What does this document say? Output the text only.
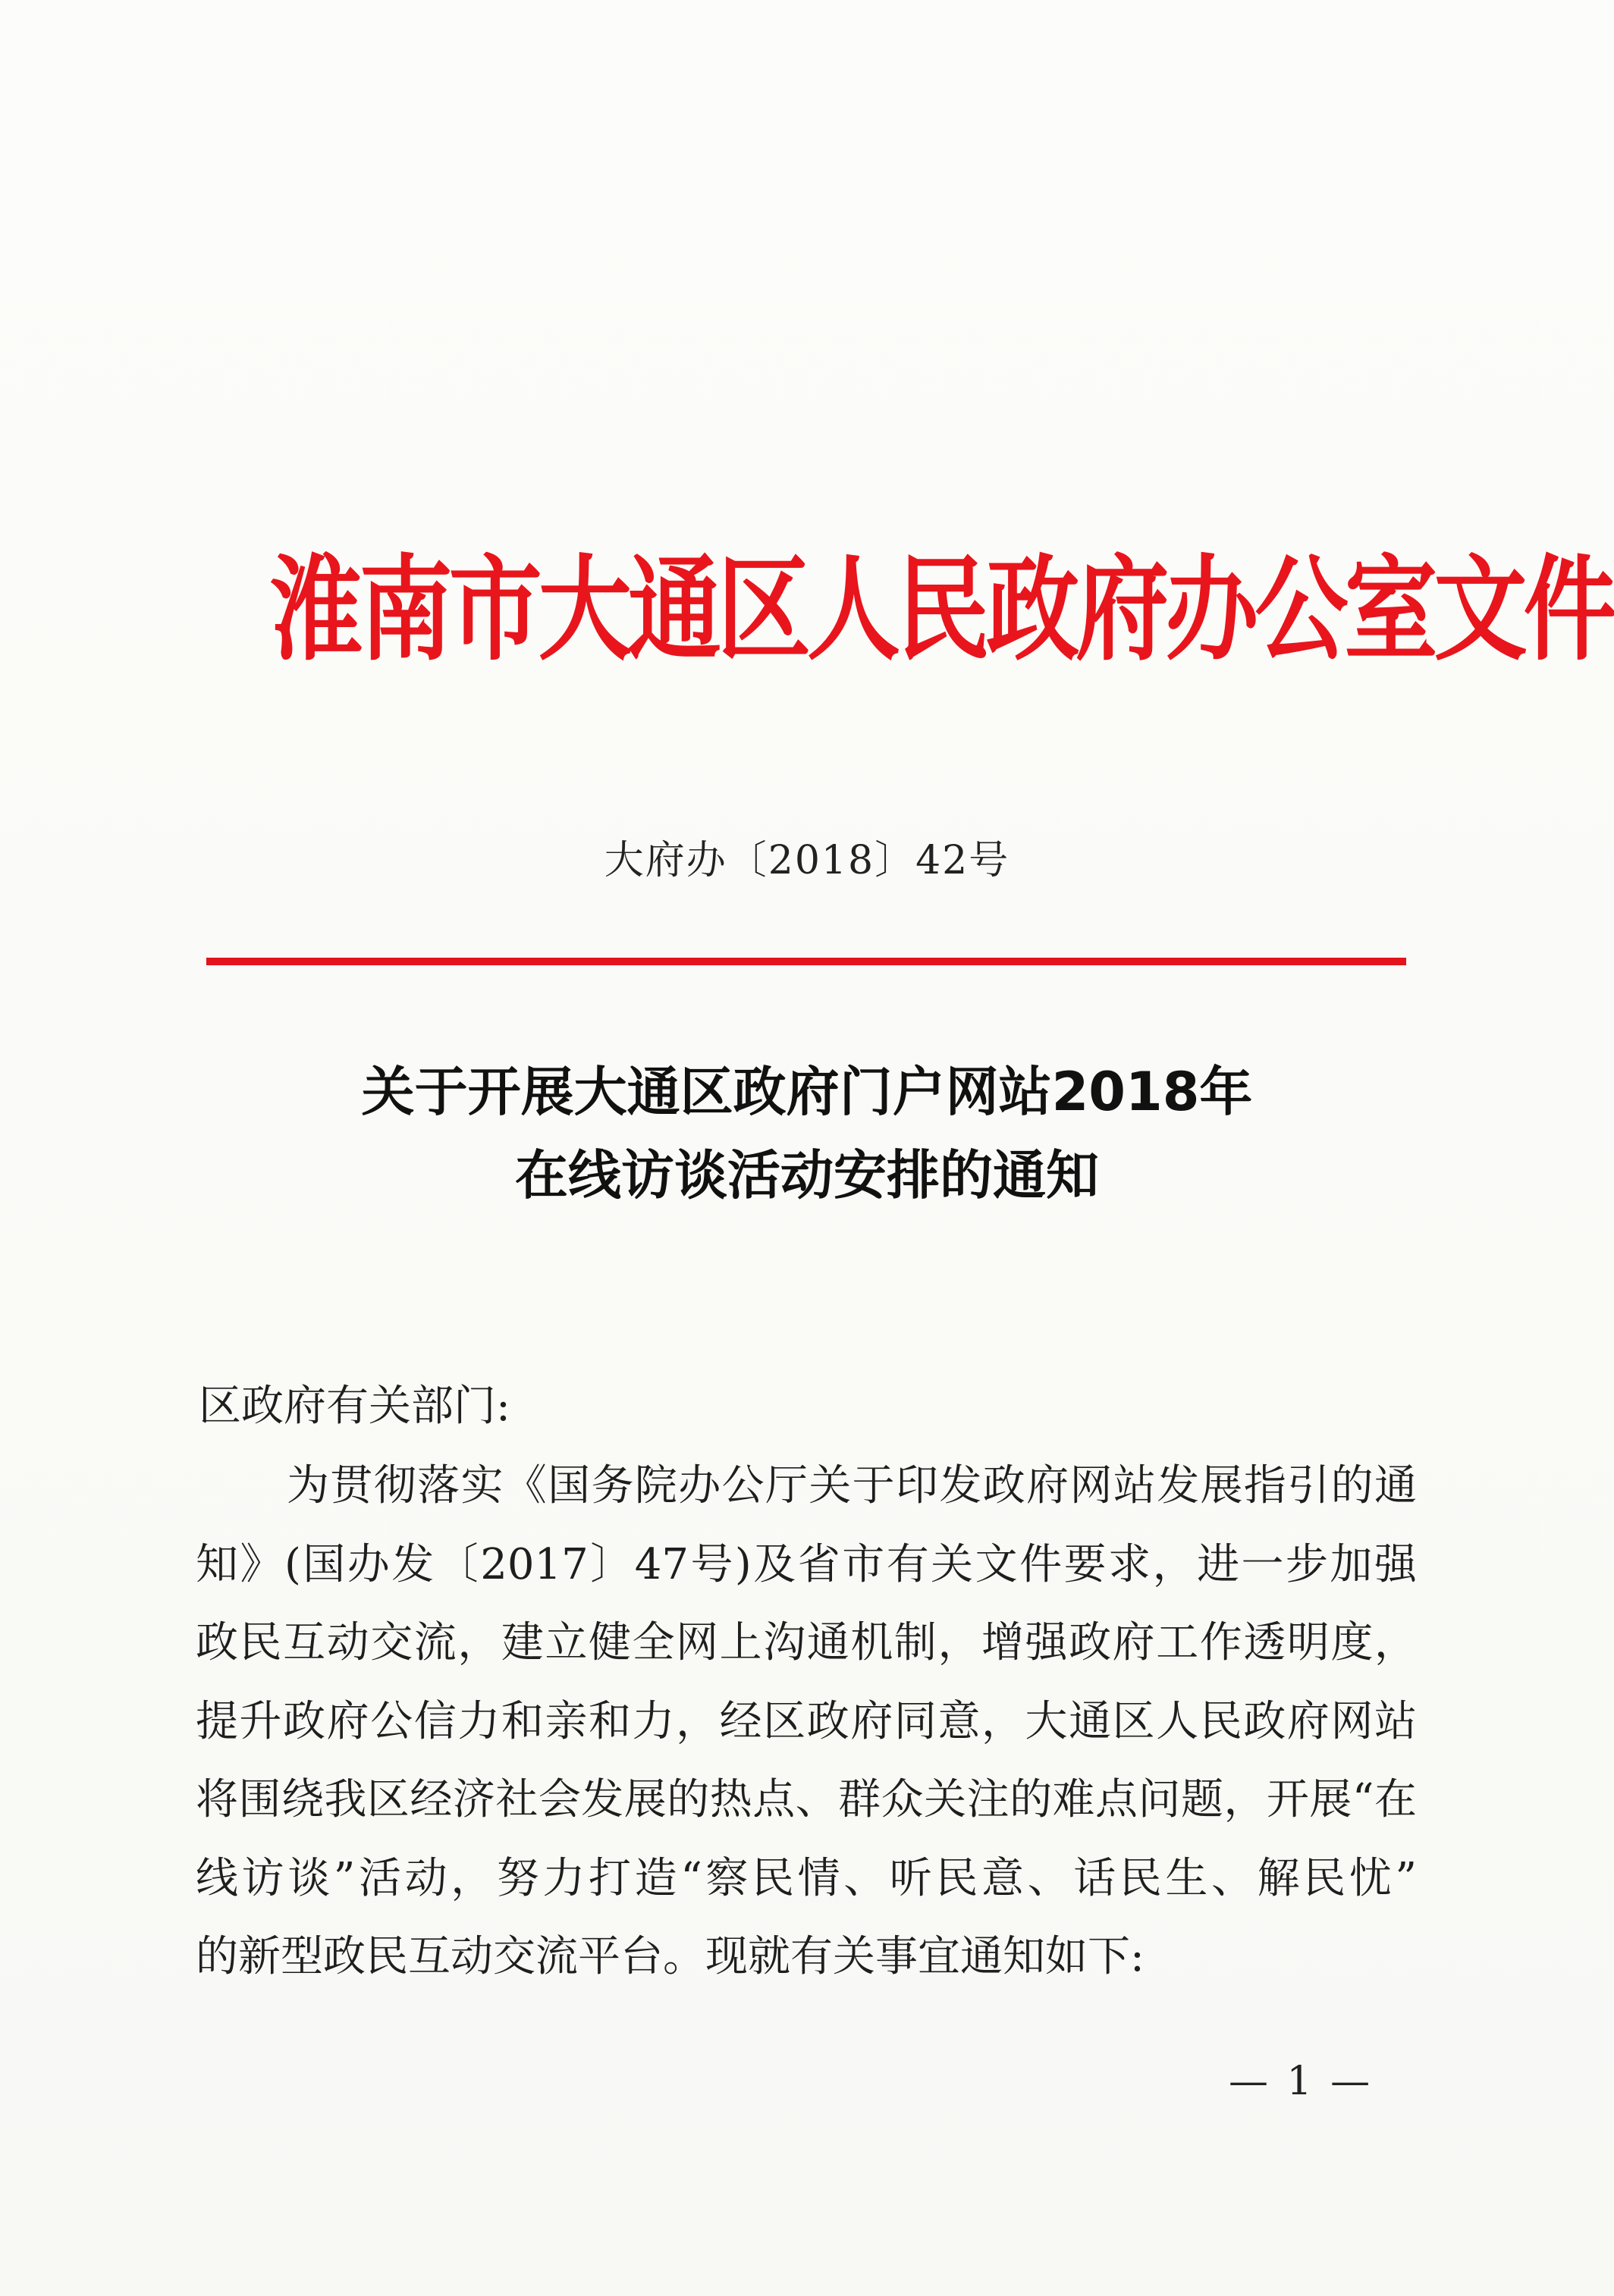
淮南市大通区人民政府办公室文件
大府办〔2018〕42号
关于开展大通区政府门户网站2018年
在线访谈活动安排的通知
区政府有关部门:
为贯彻落实《国务院办公厅关于印发政府网站发展指引的通
知》(国办发〔2017〕47号)及省市有关文件要求，进一步加强
政民互动交流，建立健全网上沟通机制，增强政府工作透明度，
提升政府公信力和亲和力，经区政府同意，大通区人民政府网站
将围绕我区经济社会发展的热点、群众关注的难点问题，开展“在
线访谈”活动，努力打造“察民情、听民意、话民生、解民忧”
的新型政民互动交流平台。现就有关事宜通知如下:
— 1 —
